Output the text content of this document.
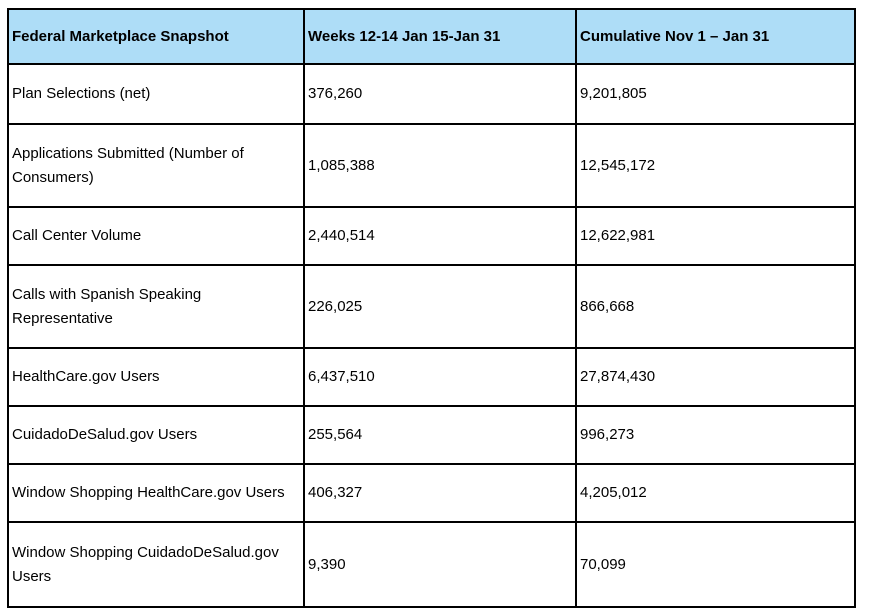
Federal Marketplace Snapshot	Weeks 12-14 Jan 15-Jan 31	Cumulative Nov 1 – Jan 31
Plan Selections (net)	376,260	9,201,805
Applications Submitted (Number of Consumers)	1,085,388	12,545,172
Call Center Volume	2,440,514	12,622,981
Calls with Spanish Speaking Representative	226,025	866,668
HealthCare.gov Users	6,437,510	27,874,430
CuidadoDeSalud.gov Users	255,564	996,273
Window Shopping HealthCare.gov Users	406,327	4,205,012
Window Shopping CuidadoDeSalud.gov Users	9,390	70,099
